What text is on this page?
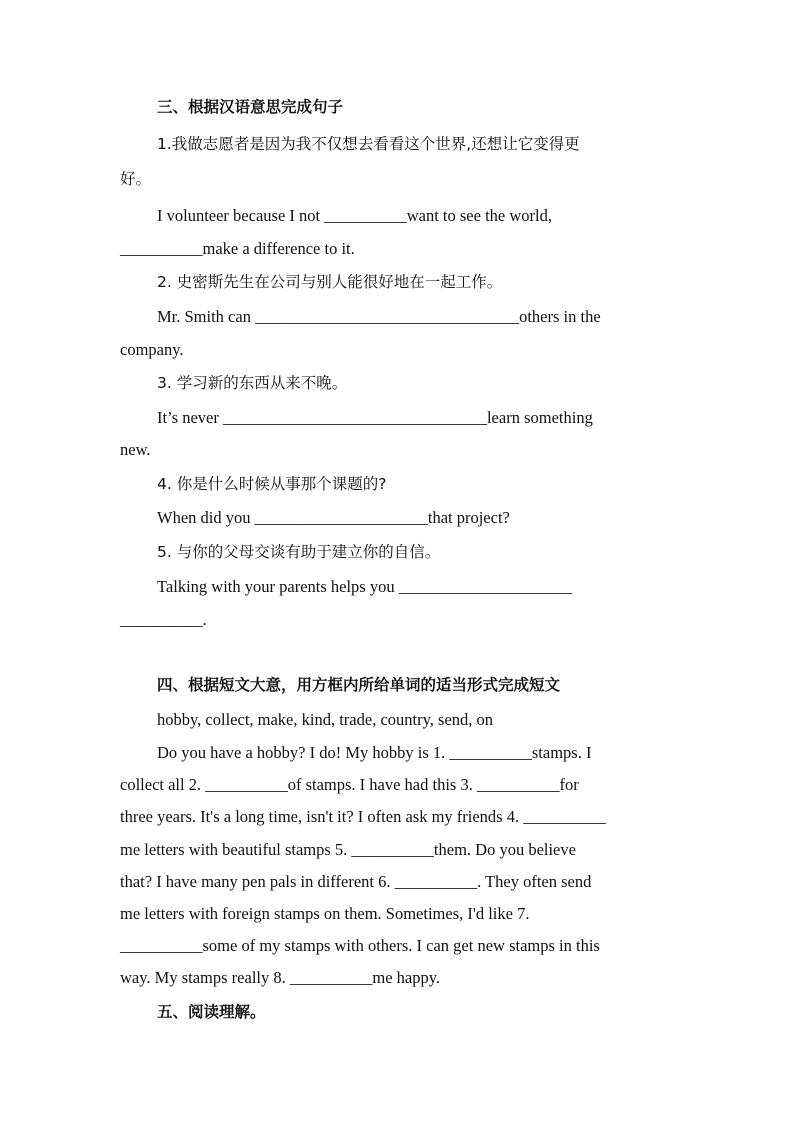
三、根据汉语意思完成句子
1.我做志愿者是因为我不仅想去看看这个世界,还想让它变得更
好。
I volunteer because I not __________want to see the world,
__________make a difference to it.
2. 史密斯先生在公司与别人能很好地在一起工作。
Mr. Smith can ________________________________others in the
company.
3. 学习新的东西从来不晚。
It’s never ________________________________learn something
new.
4. 你是什么时候从事那个课题的?
When did you _____________________that project?
5. 与你的父母交谈有助于建立你的自信。
Talking with your parents helps you _____________________
__________.
四、根据短文大意，用方框内所给单词的适当形式完成短文
hobby, collect, make, kind, trade, country, send, on
Do you have a hobby? I do! My hobby is 1. __________stamps. I
collect all 2. __________of stamps. I have had this 3. __________for
three years. It's a long time, isn't it? I often ask my friends 4. __________
me letters with beautiful stamps 5. __________them. Do you believe
that? I have many pen pals in different 6. __________. They often send
me letters with foreign stamps on them. Sometimes, I'd like 7.
__________some of my stamps with others. I can get new stamps in this
way. My stamps really 8. __________me happy.
五、阅读理解。
